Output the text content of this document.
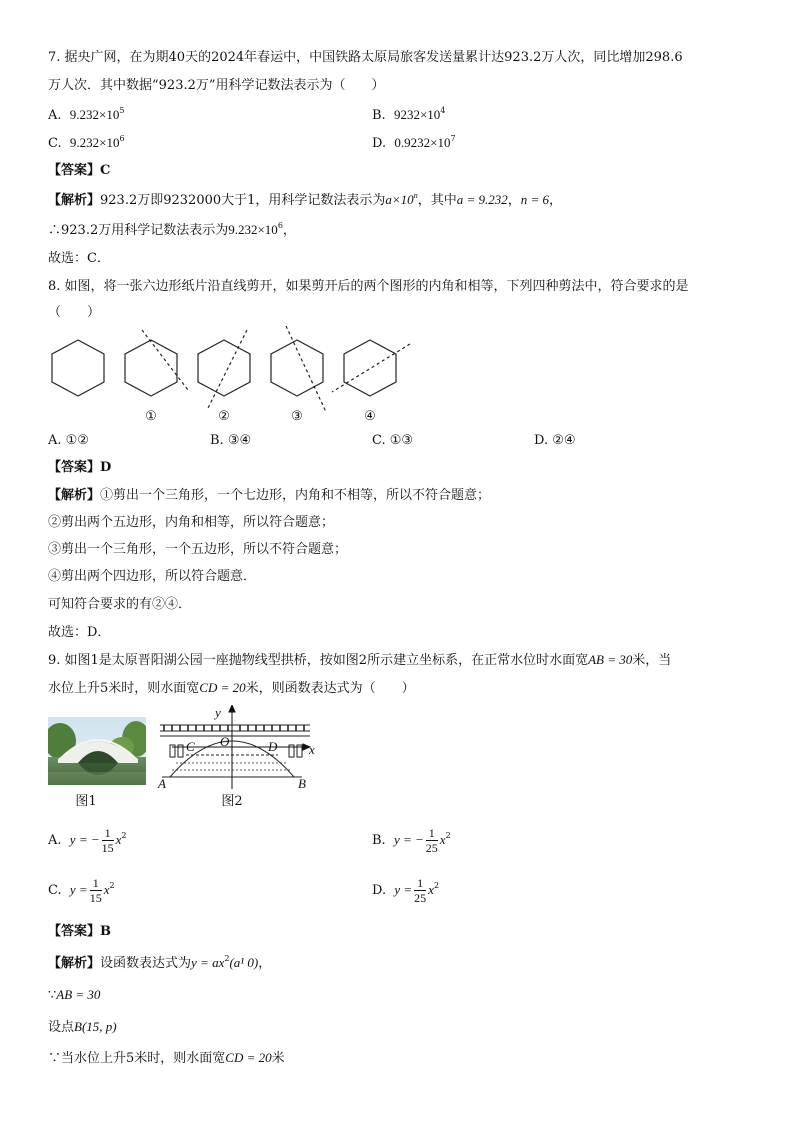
7. 据央广网，在为期40天的2024年春运中，中国铁路太原局旅客发送量累计达923.2万人次，同比增加298.6
万人次．其中数据“923.2万”用科学记数法表示为（　　）
A. $9.232\times 10^5$	B. $9232\times 10^4$
C. $9.232\times 10^6$	D. $0.9232\times 10^7$
【答案】C
【解析】923.2万即9232000大于1，用科学记数法表示为$a\times 10^n$，其中a = 9.232，n = 6，
∴923.2万用科学记数法表示为$9.232\times 10^6$，
故选：C．
8. 如图，将一张六边形纸片沿直线剪开，如果剪开后的两个图形的内角和相等，下列四种剪法中，符合要求的是
（　　）
①	②	③	④
A. ①②	B. ③④	C. ①③	D. ②④
【答案】D
【解析】①剪出一个三角形，一个七边形，内角和不相等，所以不符合题意；
②剪出两个五边形，内角和相等，所以符合题意；
③剪出一个三角形，一个五边形，所以不符合题意；
④剪出两个四边形，所以符合题意．
可知符合要求的有②④．
故选：D．
9. 如图1是太原晋阳湖公园一座抛物线型拱桥，按如图2所示建立坐标系，在正常水位时水面宽AB = 30米，当
水位上升5米时，则水面宽CD = 20米，则函数表达式为（　　）
图1
y
x
O
C	D
A	B
图2
A. y = − $\frac{1}{15} x^2$	B. y = − $\frac{1}{25} x^2$
C. $y = \frac{1}{15} x^2$	D. $y = \frac{1}{25} x^2$
【答案】B
【解析】设函数表达式为$y = ax^2(a^1$ 0)，
∵AB = 30
设点B(15, p)
∵当水位上升5米时，则水面宽CD = 20米
